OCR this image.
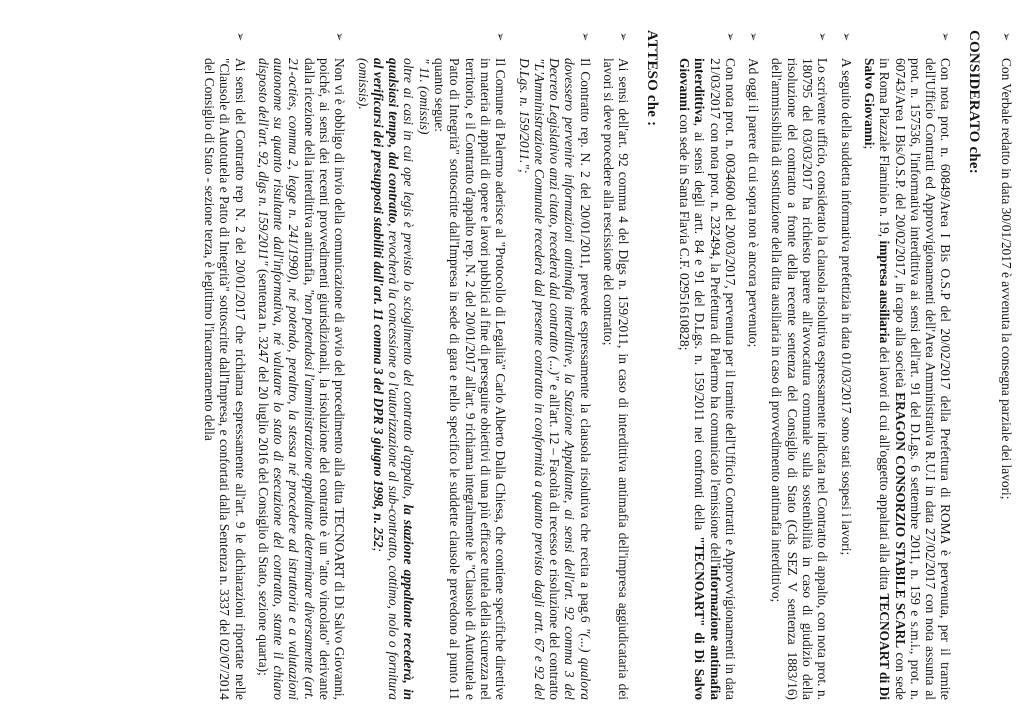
➢ Con Verbale redatto in data 30/01/2017 è avvenuta la consegna parziale dei lavori;

CONSIDERATO che:

➢ Con nota prot. n. 60849/Area I Bis O.S.P del 20/02/2017 della Prefettura di ROMA è pervenuta, per il tramite dell'Ufficio Contratti ed Approvvigionamenti dell'Area Amministrativa R.U.I in data 27/02/2017 con nota assunta al prot. n. 157536, l'informativa interdittiva ai sensi dell'art. 91 del D.Lgs. 6 settembre 2011, n. 159 e s.m.i., prot. n. 60743/Area I Bis/O.S.P. del 20/02/2017, in capo alla società ERAGON CONSORZIO STABILE SCARL con sede in Roma Piazzale Flaminio n. 19, impresa ausiliaria dei lavori di cui all'oggetto appaltati alla ditta TECNOART di Di Salvo Giovanni;

➢ A seguito della suddetta informativa prefettizia in data 01/03/2017 sono stati sospesi i lavori;

➢ Lo scrivente ufficio, considerato la clausola risolutiva espressamente indicata nel Contratto di appalto, con nota prot. n. 180795 del 03/03/2017 ha richiesto parere all'avvocatura comunale sulla sostenibilità in caso di giudizio della risoluzione del contratto a fronte della recente sentenza del Consiglio di Stato (Cds SEZ V sentenza 1883/16) dell'ammissibilità di sostituzione della ditta ausiliaria in caso di provvedimento antimafia interdittivo;

➢ Ad oggi il parere di cui sopra non è ancora pervenuto;

➢ Con nota prot. n. 0034600 del 20/03/2017, pervenuta per il tramite dell'Ufficio Contratti e Approvvigionamenti in data 21/03/2017 con nota prot. n. 232494, la Prefettura di Palermo ha comunicato l'emissione dell'informazione antimafia interdittiva, ai sensi degli artt. 84 e 91 del D.Lgs. n. 159/2011 nei confronti della "TECNOART" di Di Salvo Giovanni con sede in Santa Flavia C.F. 02951610828;

ATTESO che :

➢ Ai sensi dell'art. 92 comma 4 del Dlgs n. 159/2011, in caso di interdittiva antimafia dell'impresa aggiudicataria dei lavori si deve procedere alla rescissione del contratto;

➢ Il Contratto rep. N. 2 del 20/01/2011, prevede espressamente la clausola risolutiva che recita a pag.6 "(...) qualora dovessero pervenire informazioni antimafia interdittive, la Stazione Appaltante, ai sensi dell'art. 92 comma 3 del Decreto Legislativo anzi citato, recederà dal contratto (...)" e all'art. 12 – Facoltà di recesso e risoluzione del contratto "L'Amministrazione Comunale recederà dal presente contratto in conformità a quanto previsto dagli artt. 67 e 92 del D.Lgs. n. 159/2011.";

➢ Il Comune di Palermo aderisce al "Protocollo di Legalità" Carlo Alberto Dalla Chiesa, che contiene specifiche direttive in materia di appalti di opere e lavori pubblici al fine di perseguire obiettivi di una più efficace tutela della sicurezza nel territorio, e il Contratto d'appalto rep. N. 2 del 20/01/2017 all'art. 9 richiama integralmente le "Clausole di Autotutela e Patto di Integrità" sottoscritte dall'Impresa in sede di gara e nello specifico le suddette clausole prevedono al punto 11 quanto segue:
" 11. (omissis)
oltre ai casi in cui ope legis è previsto lo scioglimento del contratto d'appalto, la stazione appaltante recederà, in qualsiasi tempo, dal contratto, revocherà la concessione o l'autorizzazione al sub-contratto, cottimo, nolo o fornitura al verificarsi dei presupposti stabiliti dall'art. 11 comma 3 del DPR 3 giugno 1998, n. 252;
(omissis).

➢ Non vi è obbligo di invio della comunicazione di avvio del procedimento alla ditta TECNOART di Di Salvo Giovanni, poiché, ai sensi dei recenti provvedimenti giurisdizionali, la risoluzione del contratto è un "atto vincolato" derivante dalla ricezione della interdittiva antimafia, "non potendosi l'amministrazione appaltante determinare diversamente (art. 21-octies, comma 2, legge n. 241/1990), né potendo, peraltro, la stessa né procedere ad istruttoria e a valutazioni autonome su quanto risultante dall'informativa, né valutare lo stato di esecuzione del contratto, stante il chiaro disposto dell'art. 92, dlgs n. 159/2011" (sentenza n. 3247 del 20 luglio 2016 del Consiglio di Stato, sezione quarta);

➢ Ai sensi del Contratto rep N. 2 del 20/01/2017 che richiama espressamente all'art. 9 le dichiarazioni riportate nelle "Clausole di Autotutela e Patto di Integrità" sottoscritte dall'Impresa, e confortati dalla Sentenza n. 3337 del 02/07/2014 del Consiglio di Stato - sezione terza, è legittimo l'incameramento della
